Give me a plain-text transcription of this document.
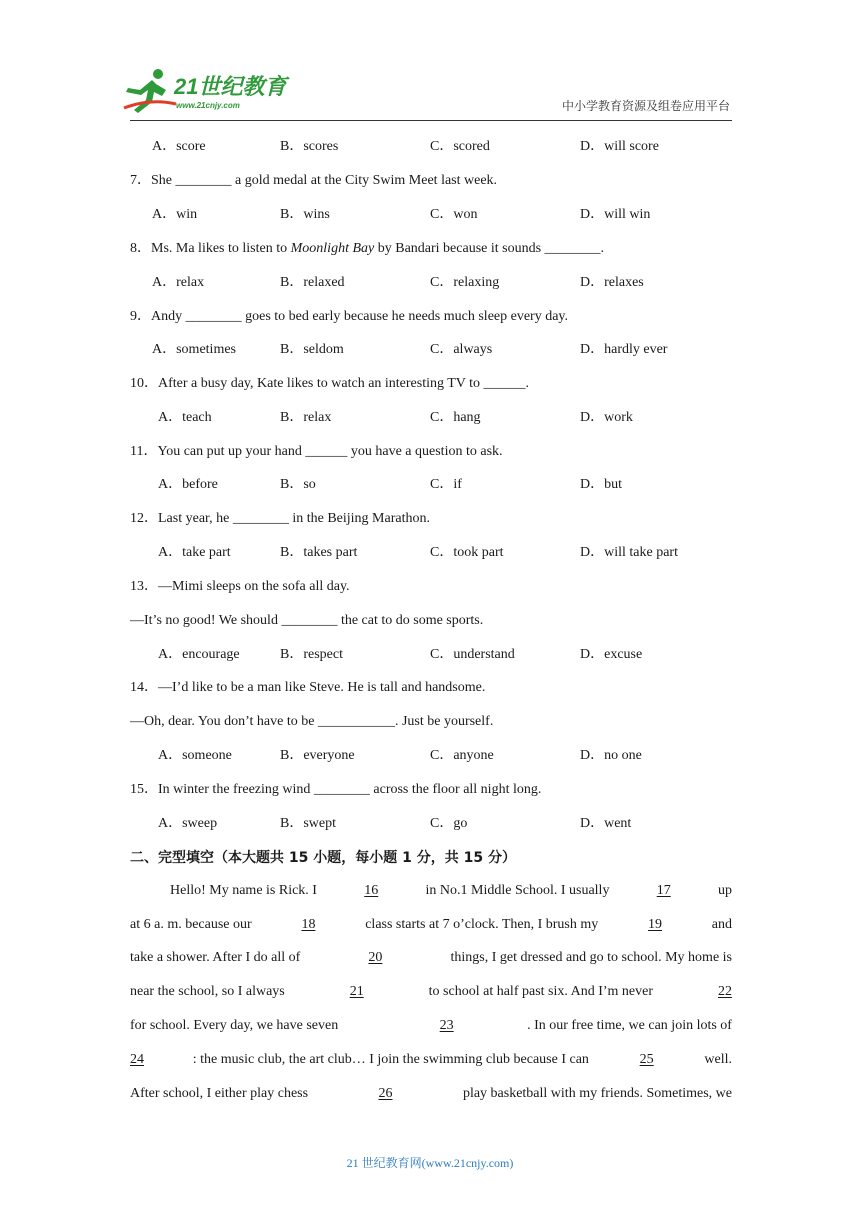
21世纪教育
www.21cnjy.com	中小学教育资源及组卷应用平台
A．score	B．scores	C．scored	D．will score
7．She ________ a gold medal at the City Swim Meet last week.
A．win	B．wins	C．won	D．will win
8．Ms. Ma likes to listen to Moonlight Bay by Bandari because it sounds ________.
A．relax	B．relaxed	C．relaxing	D．relaxes
9．Andy ________ goes to bed early because he needs much sleep every day.
A．sometimes	B．seldom	C．always	D．hardly ever
10．After a busy day, Kate likes to watch an interesting TV to ______.
A．teach	B．relax	C．hang	D．work
11．You can put up your hand ______ you have a question to ask.
A．before	B．so	C．if	D．but
12．Last year, he ________ in the Beijing Marathon.
A．take part	B．takes part	C．took part	D．will take part
13．—Mimi sleeps on the sofa all day.
—It’s no good! We should ________ the cat to do some sports.
A．encourage	B．respect	C．understand	D．excuse
14．—I’d like to be a man like Steve. He is tall and handsome.
—Oh, dear. You don’t have to be ___________. Just be yourself.
A．someone	B．everyone	C．anyone	D．no one
15．In winter the freezing wind ________ across the floor all night long.
A．sweep	B．swept	C．go	D．went
二、完型填空（本大题共 15 小题，每小题 1 分，共 15 分）
Hello! My name is Rick. I	16	in No.1 Middle School. I usually	17	up
at 6 a. m. because our	18	class starts at 7 o’clock. Then, I brush my	19	and
take a shower. After I do all of	20	things, I get dressed and go to school. My home is
near the school, so I always	21	to school at half past six. And I’m never	22
for school. Every day, we have seven	23	. In our free time, we can join lots of
24	: the music club, the art club… I join the swimming club because I can	25	well.
After school, I either play chess	26	play basketball with my friends. Sometimes, we
21 世纪教育网(www.21cnjy.com)
